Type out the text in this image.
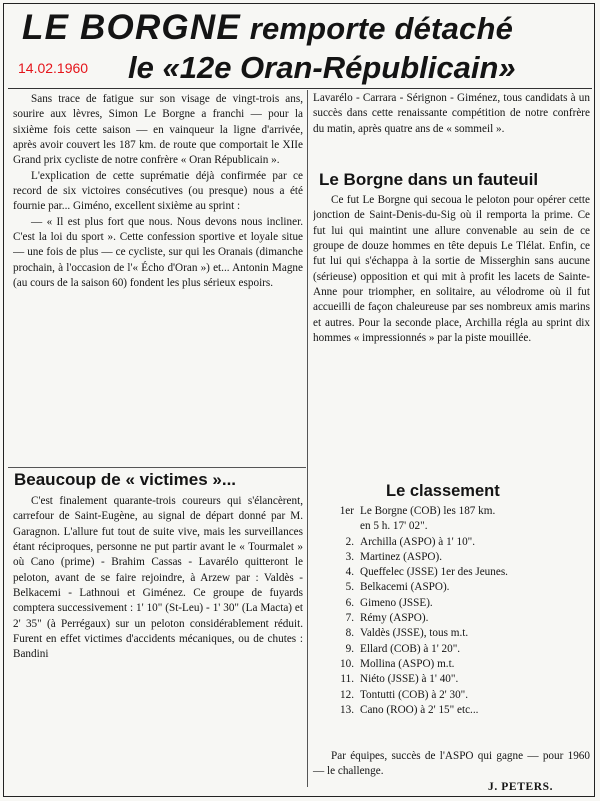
LE BORGNE remporte détaché
14.02.1960 le «12e Oran-Républicain»

Sans trace de fatigue sur son visage de vingt-trois ans, sourire aux lèvres, Simon Le Borgne a franchi — pour la sixième fois cette saison — en vainqueur la ligne d'arrivée, après avoir couvert les 187 km. de route que comportait le XIIe Grand prix cycliste de notre confrère « Oran Républicain ».

L'explication de cette suprématie déjà confirmée par ce record de six victoires consécutives (ou presque) nous a été fournie par... Giméno, excellent sixième au sprint :

— « Il est plus fort que nous. Nous devons nous incliner. C'est la loi du sport ». Cette confession sportive et loyale situe — une fois de plus — ce cycliste, sur qui les Oranais (dimanche prochain, à l'occasion de l'« Écho d'Oran ») et... Antonin Magne (au cours de la saison 60) fondent les plus sérieux espoirs.

Lavarélo - Carrara - Sérignon - Giménez, tous candidats à un succès dans cette renaissante compétition de notre confrère du matin, après quatre ans de « sommeil ».

Le Borgne dans un fauteuil

Ce fut Le Borgne qui secoua le peloton pour opérer cette jonction de Saint-Denis-du-Sig où il remporta la prime. Ce fut lui qui maintint une allure convenable au sein de ce groupe de douze hommes en tête depuis Le Tlélat. Enfin, ce fut lui qui s'échappa à la sortie de Misserghin sans aucune (sérieuse) opposition et qui mit à profit les lacets de Sainte-Anne pour triompher, en solitaire, au vélodrome où il fut accueilli de façon chaleureuse par ses nombreux amis marins et autres. Pour la seconde place, Archilla régla au sprint dix hommes « impressionnés » par la piste mouillée.

Beaucoup de « victimes »...

C'est finalement quarante-trois coureurs qui s'élancèrent, carrefour de Saint-Eugène, au signal de départ donné par M. Garagnon. L'allure fut tout de suite vive, mais les surveillances étant réciproques, personne ne put partir avant le « Tourmalet » où Cano (prime) - Brahim Cassas - Lavarélo quitteront le peloton, avant de se faire rejoindre, à Arzew par : Valdès - Belkacemi - Lathnoui et Giménez. Ce groupe de fuyards comptera successivement : 1' 10" (St-Leu) - 1' 30" (La Macta) et 2' 35" (à Perrégaux) sur un peloton considérablement réduit. Furent en effet victimes d'accidents mécaniques, ou de chutes : Bandini

Le classement
1er Le Borgne (COB) les 187 km.
en 5 h. 17' 02".
2. Archilla (ASPO) à 1' 10".
3. Martinez (ASPO).
4. Queffelec (JSSE) 1er des Jeunes.
5. Belkacemi (ASPO).
6. Gimeno (JSSE).
7. Rémy (ASPO).
8. Valdès (JSSE), tous m.t.
9. Ellard (COB) à 1' 20".
10. Mollina (ASPO) m.t.
11. Niéto (JSSE) à 1' 40".
12. Tontutti (COB) à 2' 30".
13. Cano (ROO) à 2' 15" etc...

Par équipes, succès de l'ASPO qui gagne — pour 1960 — le challenge.

J. PETERS.
